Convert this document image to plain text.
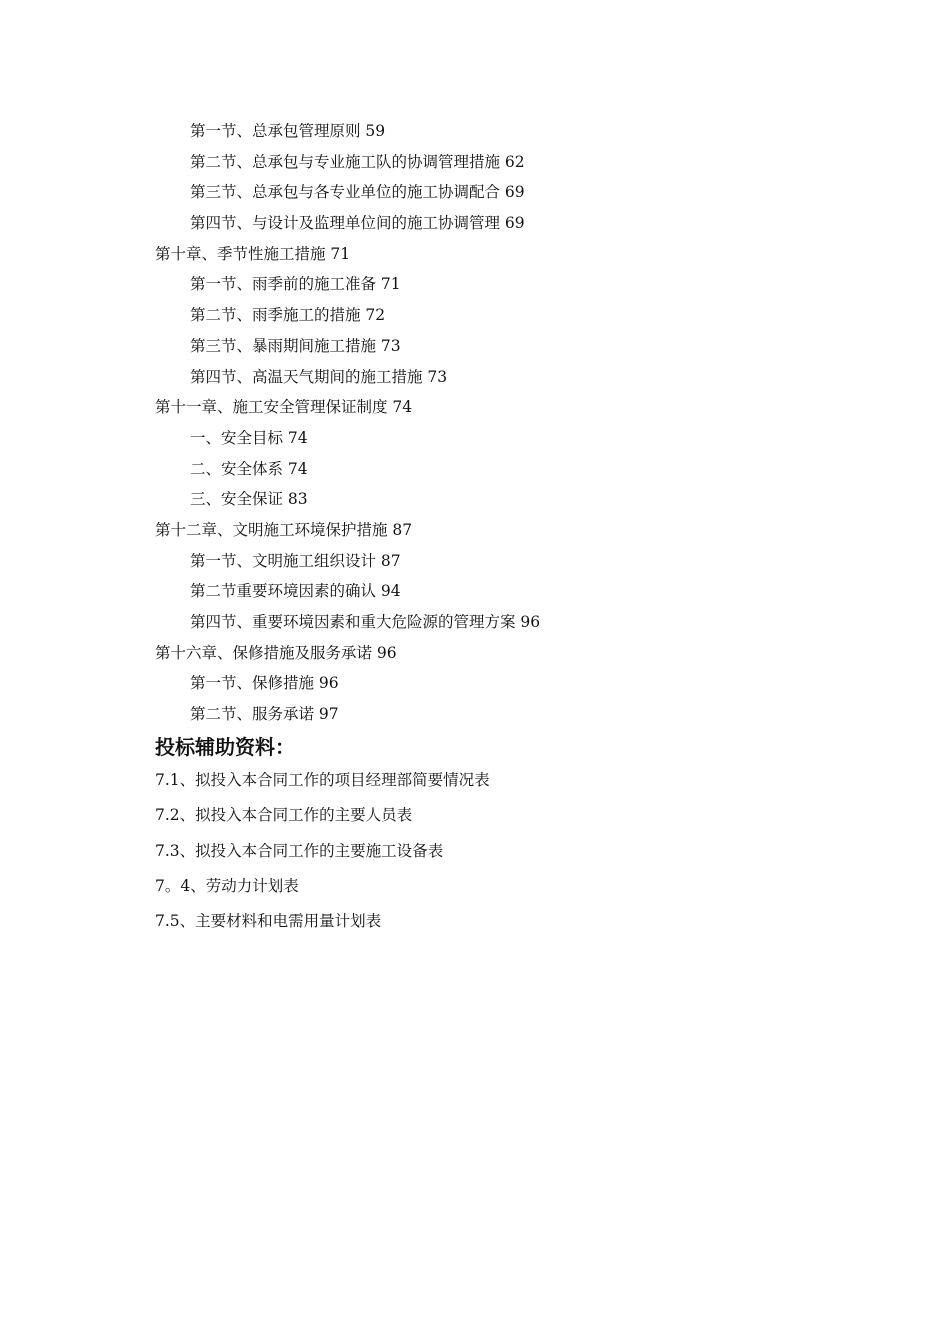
第一节、总承包管理原则 59
第二节、总承包与专业施工队的协调管理措施 62
第三节、总承包与各专业单位的施工协调配合 69
第四节、与设计及监理单位间的施工协调管理 69
第十章、季节性施工措施 71
第一节、雨季前的施工准备 71
第二节、雨季施工的措施 72
第三节、暴雨期间施工措施 73
第四节、高温天气期间的施工措施 73
第十一章、施工安全管理保证制度 74
一、安全目标 74
二、安全体系 74
三、安全保证 83
第十二章、文明施工环境保护措施 87
第一节、文明施工组织设计 87
第二节重要环境因素的确认 94
第四节、重要环境因素和重大危险源的管理方案 96
第十六章、保修措施及服务承诺 96
第一节、保修措施 96
第二节、服务承诺 97
投标辅助资料：
7.1、拟投入本合同工作的项目经理部简要情况表
7.2、拟投入本合同工作的主要人员表
7.3、拟投入本合同工作的主要施工设备表
7。4、劳动力计划表
7.5、主要材料和电需用量计划表
